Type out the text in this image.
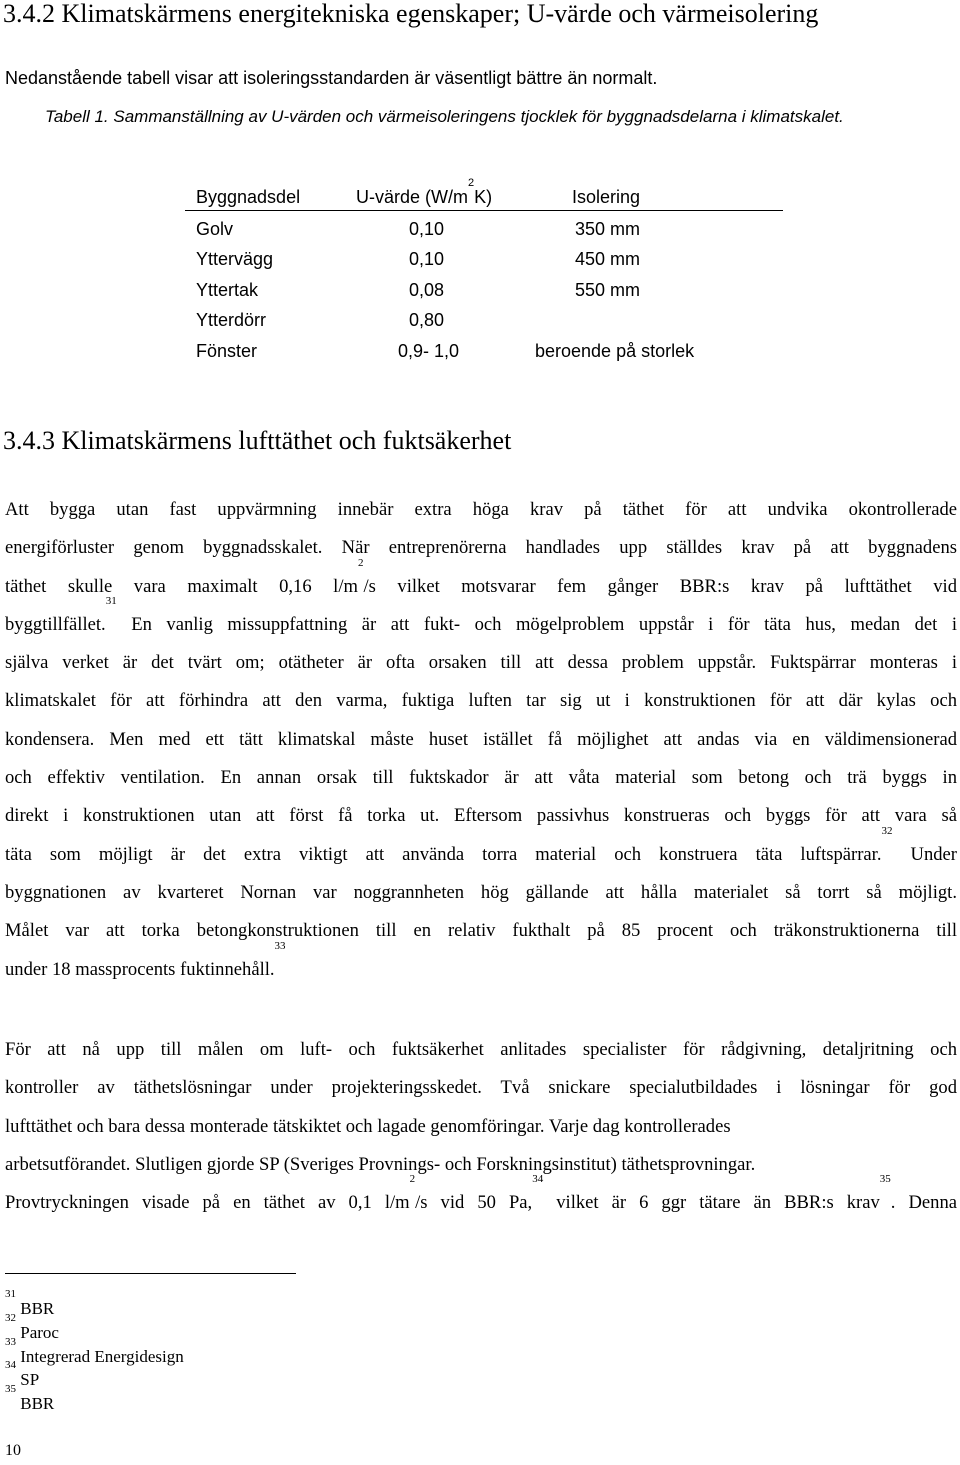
3.4.2 Klimatskärmens energitekniska egenskaper; U-värde och värmeisolering
Nedanstående tabell visar att isoleringsstandarden är väsentligt bättre än normalt.
Tabell 1. Sammanställning av U-värden och värmeisoleringens tjocklek för byggnadsdelarna i klimatskalet.
Byggnadsdel	U-värde $(W/m^2K)$	Isolering
Golv	0,10	350 mm
Yttervägg	0,10	450 mm
Yttertak	0,08	550 mm
Ytterdörr	0,80
Fönster	0,9- 1,0	beroende på storlek
3.4.3 Klimatskärmens lufttäthet och fuktsäkerhet
Att bygga utan fast uppvärmning innebär extra höga krav på täthet för att undvika okontrollerade
energiförluster genom byggnadsskalet. När entreprenörerna handlades upp ställdes krav på att byggnadens
täthet skulle vara maximalt 0,16 $l/m^2/s$ vilket motsvarar fem gånger BBR:s krav på lufttäthet vid
byggtillfället.$^{31}$ En vanlig missuppfattning är att fukt- och mögelproblem uppstår i för täta hus, medan det i
själva verket är det tvärt om; otätheter är ofta orsaken till att dessa problem uppstår. Fuktspärrar monteras i
klimatskalet för att förhindra att den varma, fuktiga luften tar sig ut i konstruktionen för att där kylas och
kondensera. Men med ett tätt klimatskal måste huset istället få möjlighet att andas via en väldimensionerad
och effektiv ventilation. En annan orsak till fuktskador är att våta material som betong och trä byggs in
direkt i konstruktionen utan att först få torka ut. Eftersom passivhus konstrueras och byggs för att vara så
täta som möjligt är det extra viktigt att använda torra material och konstruera täta luftspärrar.$^{32}$ Under
byggnationen av kvarteret Nornan var noggrannheten hög gällande att hålla materialet så torrt så möjligt.
Målet var att torka betongkonstruktionen till en relativ fukthalt på 85 procent och träkonstruktionerna till
under 18 massprocents fuktinnehåll.$^{33}$
För att nå upp till målen om luft- och fuktsäkerhet anlitades specialister för rådgivning, detaljritning och
kontroller av täthetslösningar under projekteringsskedet. Två snickare specialutbildades i lösningar för god
lufttäthet och bara dessa monterade tätskiktet och lagade genomföringar. Varje dag kontrollerades
arbetsutförandet. Slutligen gjorde SP (Sveriges Provnings- och Forskningsinstitut) täthetsprovningar.
Provtryckningen visade på en täthet av 0,1 $l/m^2/s$ vid 50 Pa,$^{34}$ vilket är 6 ggr tätare än BBR:s krav$^{35}$. Denna
$^{31}$ BBR
$^{32}$ Paroc
$^{33}$ Integrerad Energidesign
$^{34}$ SP
$^{35}$ BBR
10
